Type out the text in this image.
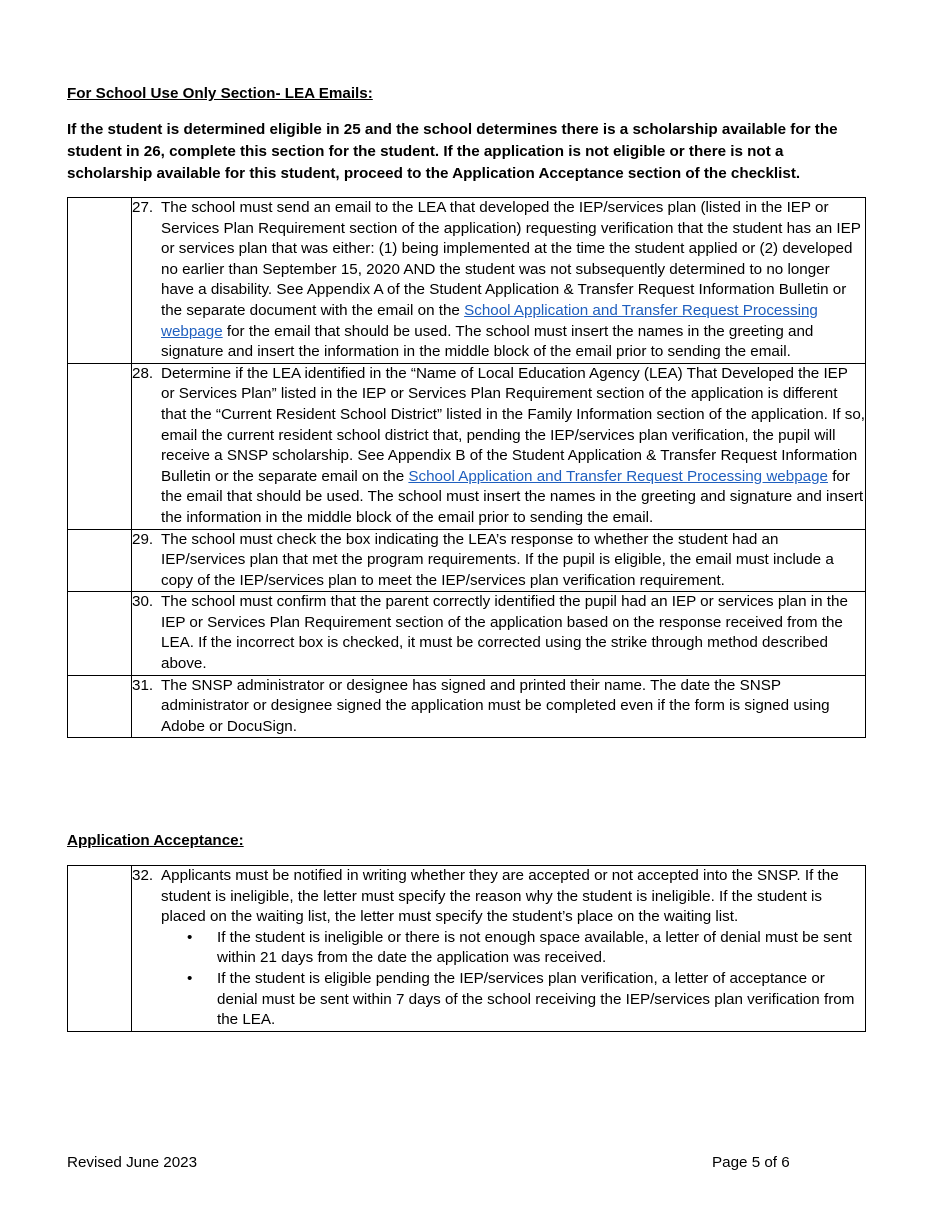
For School Use Only Section- LEA Emails:

If the student is determined eligible in 25 and the school determines there is a scholarship available for the student in 26, complete this section for the student. If the application is not eligible or there is not a scholarship available for this student, proceed to the Application Acceptance section of the checklist.

	27. The school must send an email to the LEA that developed the IEP/services plan (listed in the IEP or Services Plan Requirement section of the application) requesting verification that the student has an IEP or services plan that was either: (1) being implemented at the time the student applied or (2) developed no earlier than September 15, 2020 AND the student was not subsequently determined to no longer have a disability. See Appendix A of the Student Application & Transfer Request Information Bulletin or the separate document with the email on the School Application and Transfer Request Processing webpage for the email that should be used. The school must insert the names in the greeting and signature and insert the information in the middle block of the email prior to sending the email.

	28. Determine if the LEA identified in the “Name of Local Education Agency (LEA) That Developed the IEP or Services Plan” listed in the IEP or Services Plan Requirement section of the application is different that the “Current Resident School District” listed in the Family Information section of the application. If so, email the current resident school district that, pending the IEP/services plan verification, the pupil will receive a SNSP scholarship. See Appendix B of the Student Application & Transfer Request Information Bulletin or the separate email on the School Application and Transfer Request Processing webpage for the email that should be used. The school must insert the names in the greeting and signature and insert the information in the middle block of the email prior to sending the email.

	29. The school must check the box indicating the LEA’s response to whether the student had an IEP/services plan that met the program requirements. If the pupil is eligible, the email must include a copy of the IEP/services plan to meet the IEP/services plan verification requirement.

	30. The school must confirm that the parent correctly identified the pupil had an IEP or services plan in the IEP or Services Plan Requirement section of the application based on the response received from the LEA. If the incorrect box is checked, it must be corrected using the strike through method described above.

	31. The SNSP administrator or designee has signed and printed their name. The date the SNSP administrator or designee signed the application must be completed even if the form is signed using Adobe or DocuSign.

Application Acceptance:

32. Applicants must be notified in writing whether they are accepted or not accepted into the SNSP. If the student is ineligible, the letter must specify the reason why the student is ineligible. If the student is placed on the waiting list, the letter must specify the student’s place on the waiting list.
• If the student is ineligible or there is not enough space available, a letter of denial must be sent within 21 days from the date the application was received.
• If the student is eligible pending the IEP/services plan verification, a letter of acceptance or denial must be sent within 7 days of the school receiving the IEP/services plan verification from the LEA.
Revised June 2023	Page 5 of 6
